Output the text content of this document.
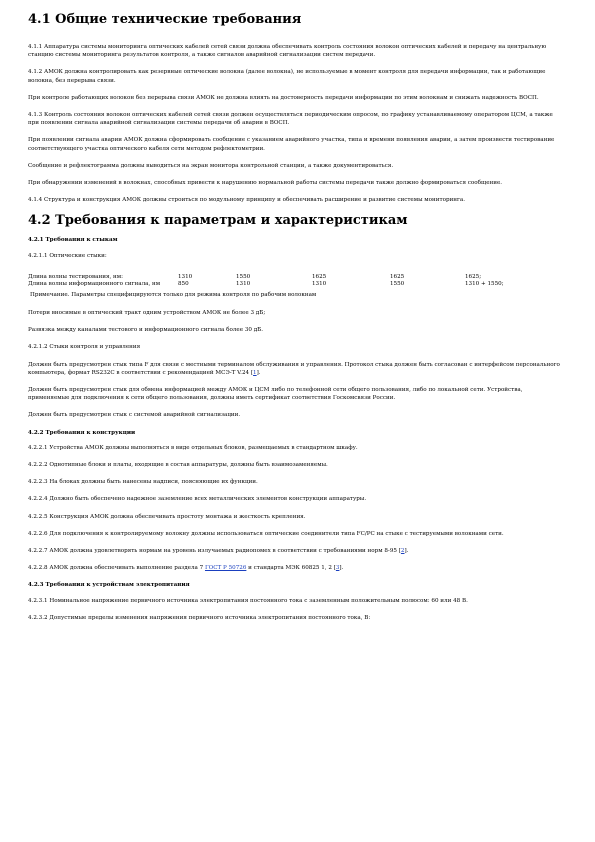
4.1 Общие технические требования

4.1.1 Аппаратура системы мониторинга оптических кабелей сетей связи должна обеспечивать контроль состояния волокон оптических кабелей и передачу на центральную станцию системы мониторинга результатов контроля, а также сигналов аварийной сигнализации систем передачи.

4.1.2 АМОК должна контролировать как резервные оптические волокна (далее волокна), не используемые в момент контроля для передачи информации, так и работающие волокна, без перерыва связи.

При контроле работающих волокон без перерыва связи АМОК не должна влиять на достоверность передачи информации по этим волокнам и снижать надежность ВОСП.

4.1.3 Контроль состояния волокон оптических кабелей сетей связи должен осуществляться периодическим опросом, по графику устанавливаемому оператором ЦСМ, а также при появлении сигнала аварийной сигнализации системы передачи об аварии в ВОСП.

При появлении сигнала аварии АМОК должна сформировать сообщение с указанием аварийного участка, типа и времени появления аварии, а затем произвести тестирование соответствующего участка оптического кабеля сети методом рефлектометрии.

Сообщение и рефлектограмма должны выводиться на экран монитора контрольной станции, а также документироваться.

При обнаружении изменений в волокнах, способных привести к нарушению нормальной работы системы передачи также должно формироваться сообщение.

4.1.4 Структура и конструкция АМОК должны строиться по модульному принципу и обеспечивать расширение и развитие системы мониторинга.

4.2 Требования к параметрам и характеристикам

4.2.1 Требования к стыкам

4.2.1.1 Оптические стыки:

Длина волны тестирования, нм:	1310	1550	1625	1625	1625;
Длина волны информационного сигнала, нм	850	1310	1310	1550	1310 + 1550;
Примечание. Параметры специфицируются только для режима контроля по рабочим волокнам

Потери вносимые в оптический тракт одним устройством АМОК не более 3 дБ;

Развязка между каналами тестового и информационного сигнала более 30 дБ.

4.2.1.2 Стыки контроля и управления

Должен быть предусмотрен стык типа F для связи с местными терминалом обслуживания и управления. Протокол стыка должен быть согласован с интерфейсом персонального компьютера, формат RS232C в соответствии с рекомендацией МСЭ-Т V.24 [1].

Должен быть предусмотрен стык для обмена информацией между АМОК и ЦСМ либо по телефонной сети общего пользования, либо по локальной сети. Устройства, применяемые для подключения к сети общего пользования, должны иметь сертификат соответствия Госкомсвязи России.

Должен быть предусмотрен стык с системой аварийной сигнализации.

4.2.2 Требования к конструкции

4.2.2.1 Устройства АМОК должны выполняться в виде отдельных блоков, размещаемых в стандартном шкафу.

4.2.2.2 Однотипные блоки и платы, входящие в состав аппаратуры, должны быть взаимозаменяемы.

4.2.2.3 На блоках должны быть нанесены надписи, поясняющие их функции.

4.2.2.4 Должно быть обеспечено надежное заземление всех металлических элементов конструкции аппаратуры.

4.2.2.5 Конструкция АМОК должна обеспечивать простоту монтажа и жесткость крепления.

4.2.2.6 Для подключения к контролируемому волокну должны использоваться оптические соединители типа FC/PC на стыке с тестируемыми волокнами сети.

4.2.2.7 АМОК должна удовлетворять нормам на уровень излучаемых радиопомех в соответствии с требованиями норм 8-95 [2].

4.2.2.8 АМОК должна обеспечивать выполнение раздела 7 ГОСТ Р 50726 и стандарта МЭК 60825 1, 2 [3].

4.2.3 Требования к устройствам электропитания

4.2.3.1 Номинальное напряжение первичного источника электропитания постоянного тока с заземленным положительным полюсом: 60 или 48 В.

4.2.3.2 Допустимые пределы изменения напряжения первичного источника электропитания постоянного тока, В:
